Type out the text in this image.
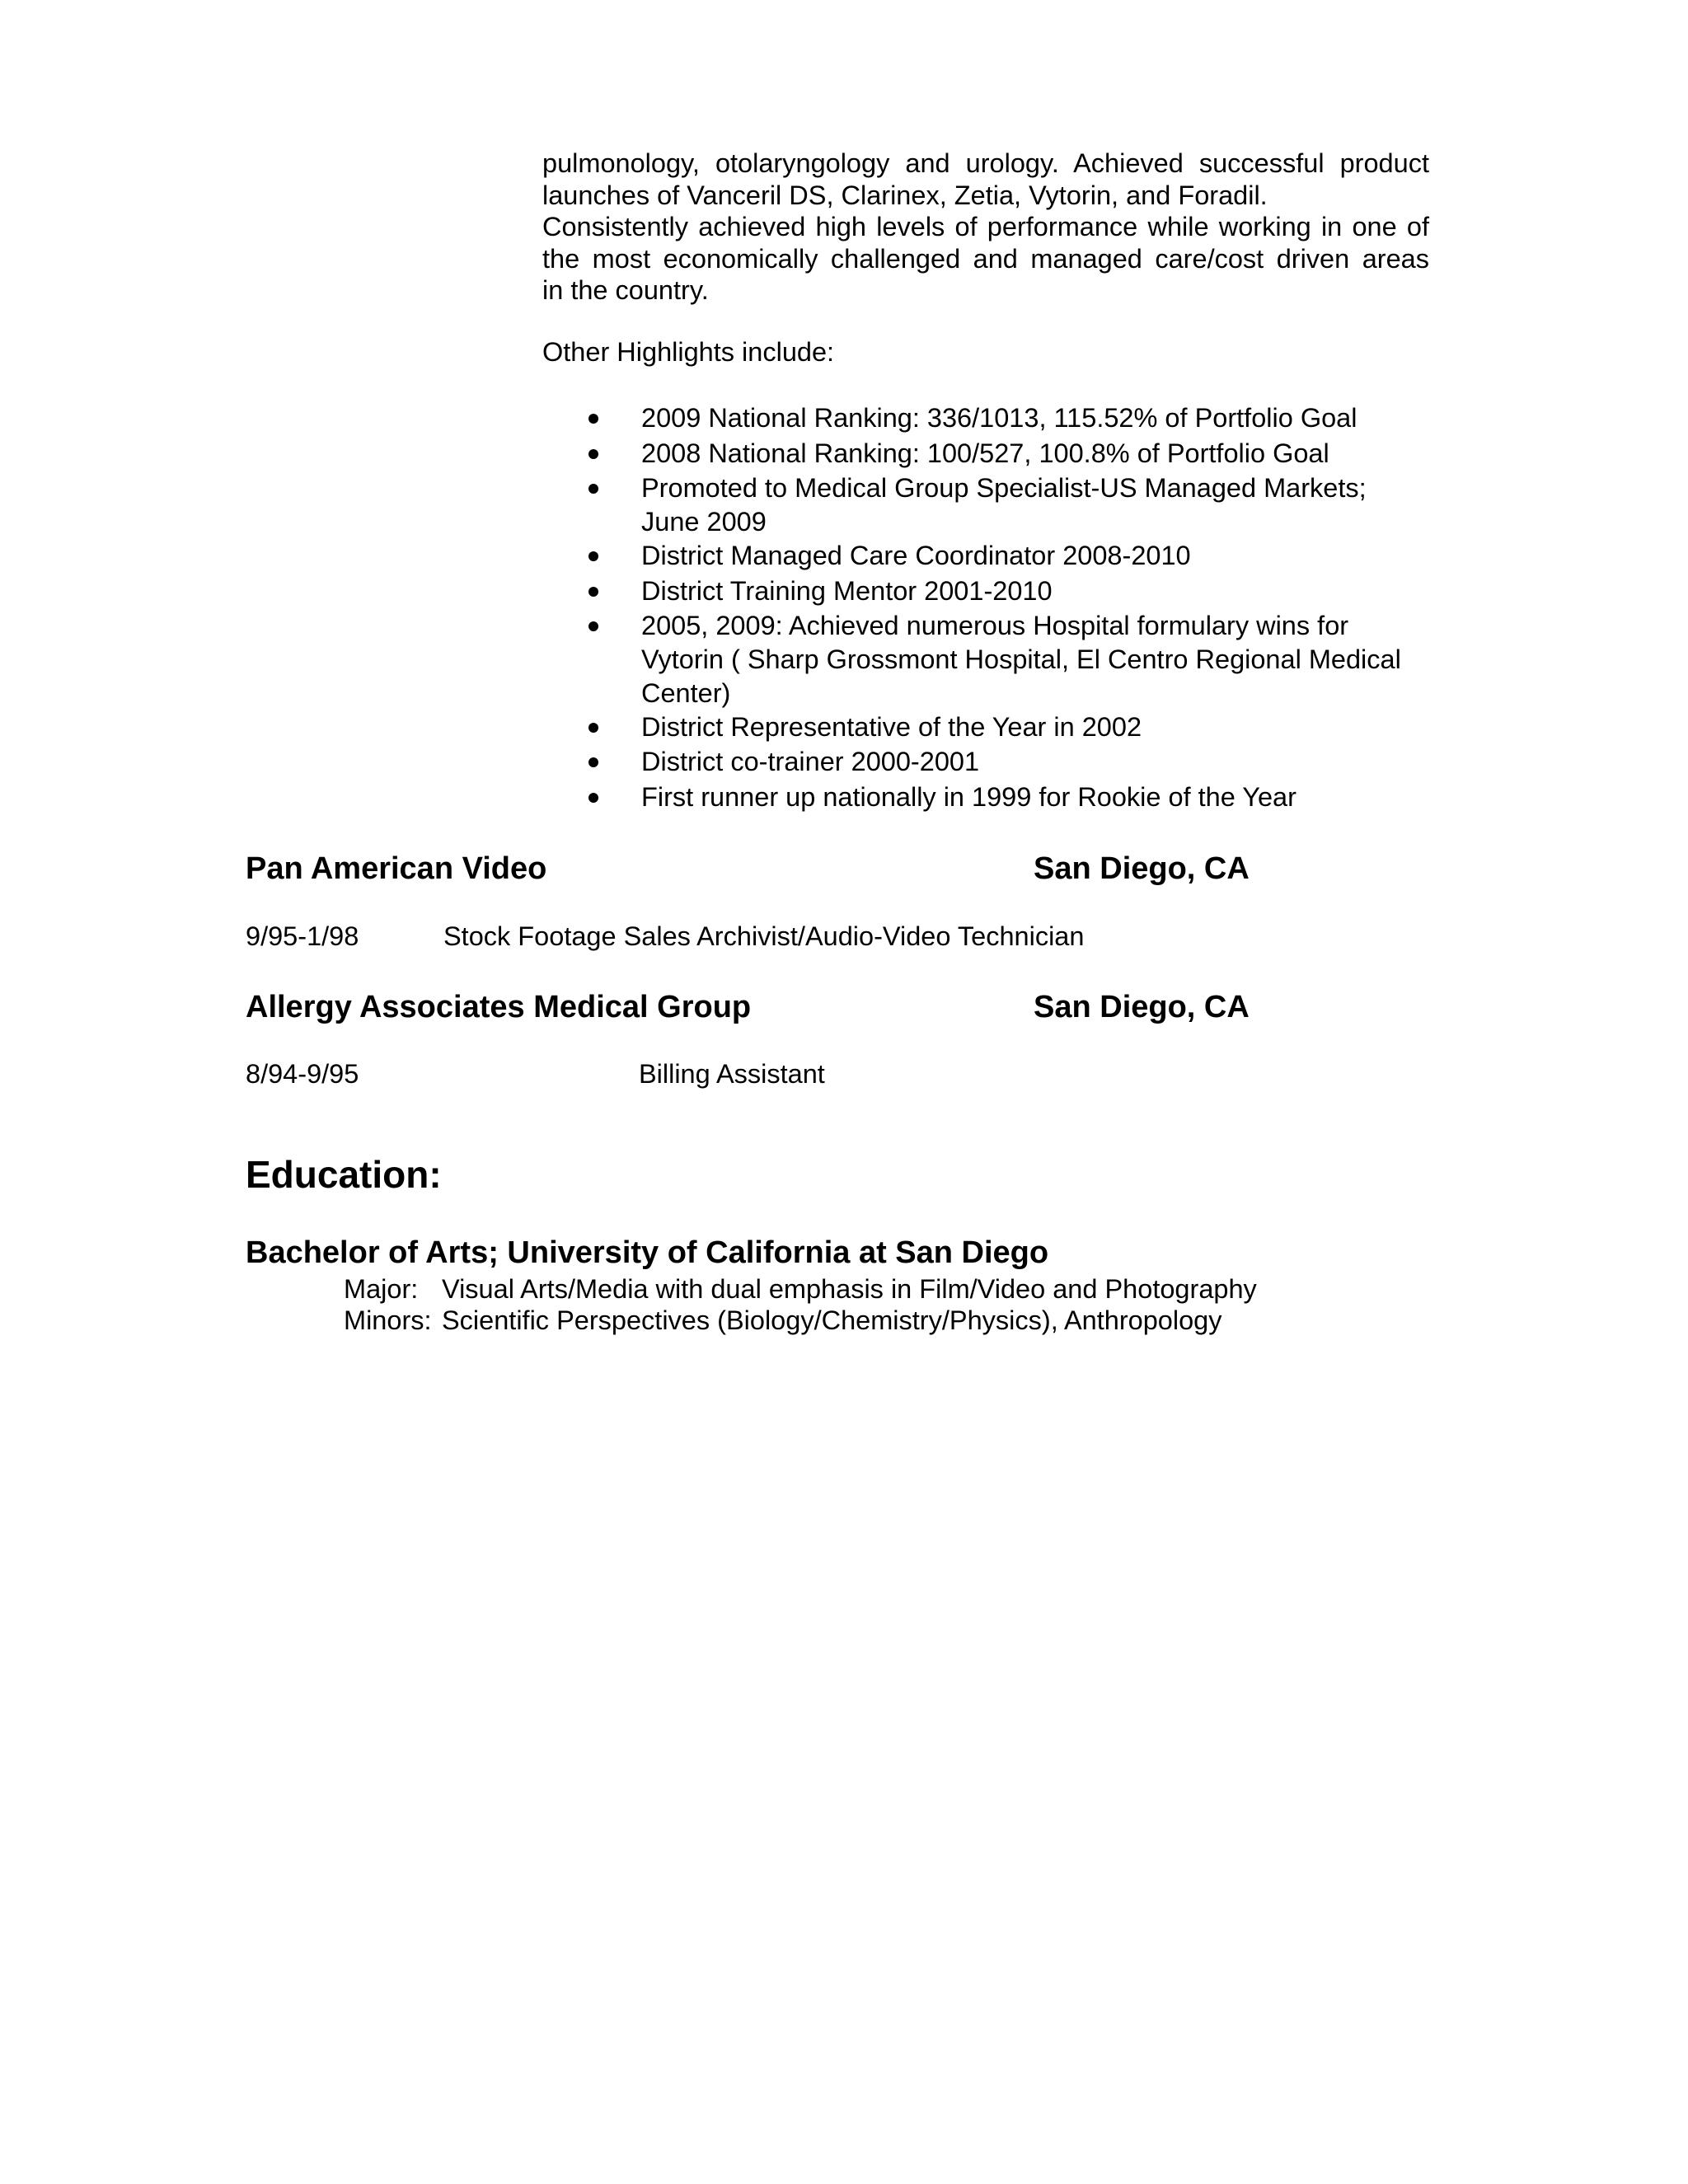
pulmonology, otolaryngology and urology. Achieved successful product
launches of Vanceril DS, Clarinex, Zetia, Vytorin, and Foradil.
Consistently achieved high levels of performance while working in one of
the most economically challenged and managed care/cost driven areas
in the country.

Other Highlights include:

2009 National Ranking: 336/1013, 115.52% of Portfolio Goal
2008 National Ranking: 100/527, 100.8% of Portfolio Goal
Promoted to Medical Group Specialist-US Managed Markets;
June 2009
District Managed Care Coordinator 2008-2010
District Training Mentor 2001-2010
2005, 2009: Achieved numerous Hospital formulary wins for
Vytorin ( Sharp Grossmont Hospital, El Centro Regional Medical
Center)
District Representative of the Year in 2002
District co-trainer 2000-2001
First runner up nationally in 1999 for Rookie of the Year

Pan American Video	San Diego, CA

9/95-1/98	Stock Footage Sales Archivist/Audio-Video Technician

Allergy Associates Medical Group	San Diego, CA

8/94-9/95	Billing Assistant

Education:

Bachelor of Arts; University of California at San Diego

Major: Visual Arts/Media with dual emphasis in Film/Video and Photography

Minors: Scientific Perspectives (Biology/Chemistry/Physics), Anthropology
